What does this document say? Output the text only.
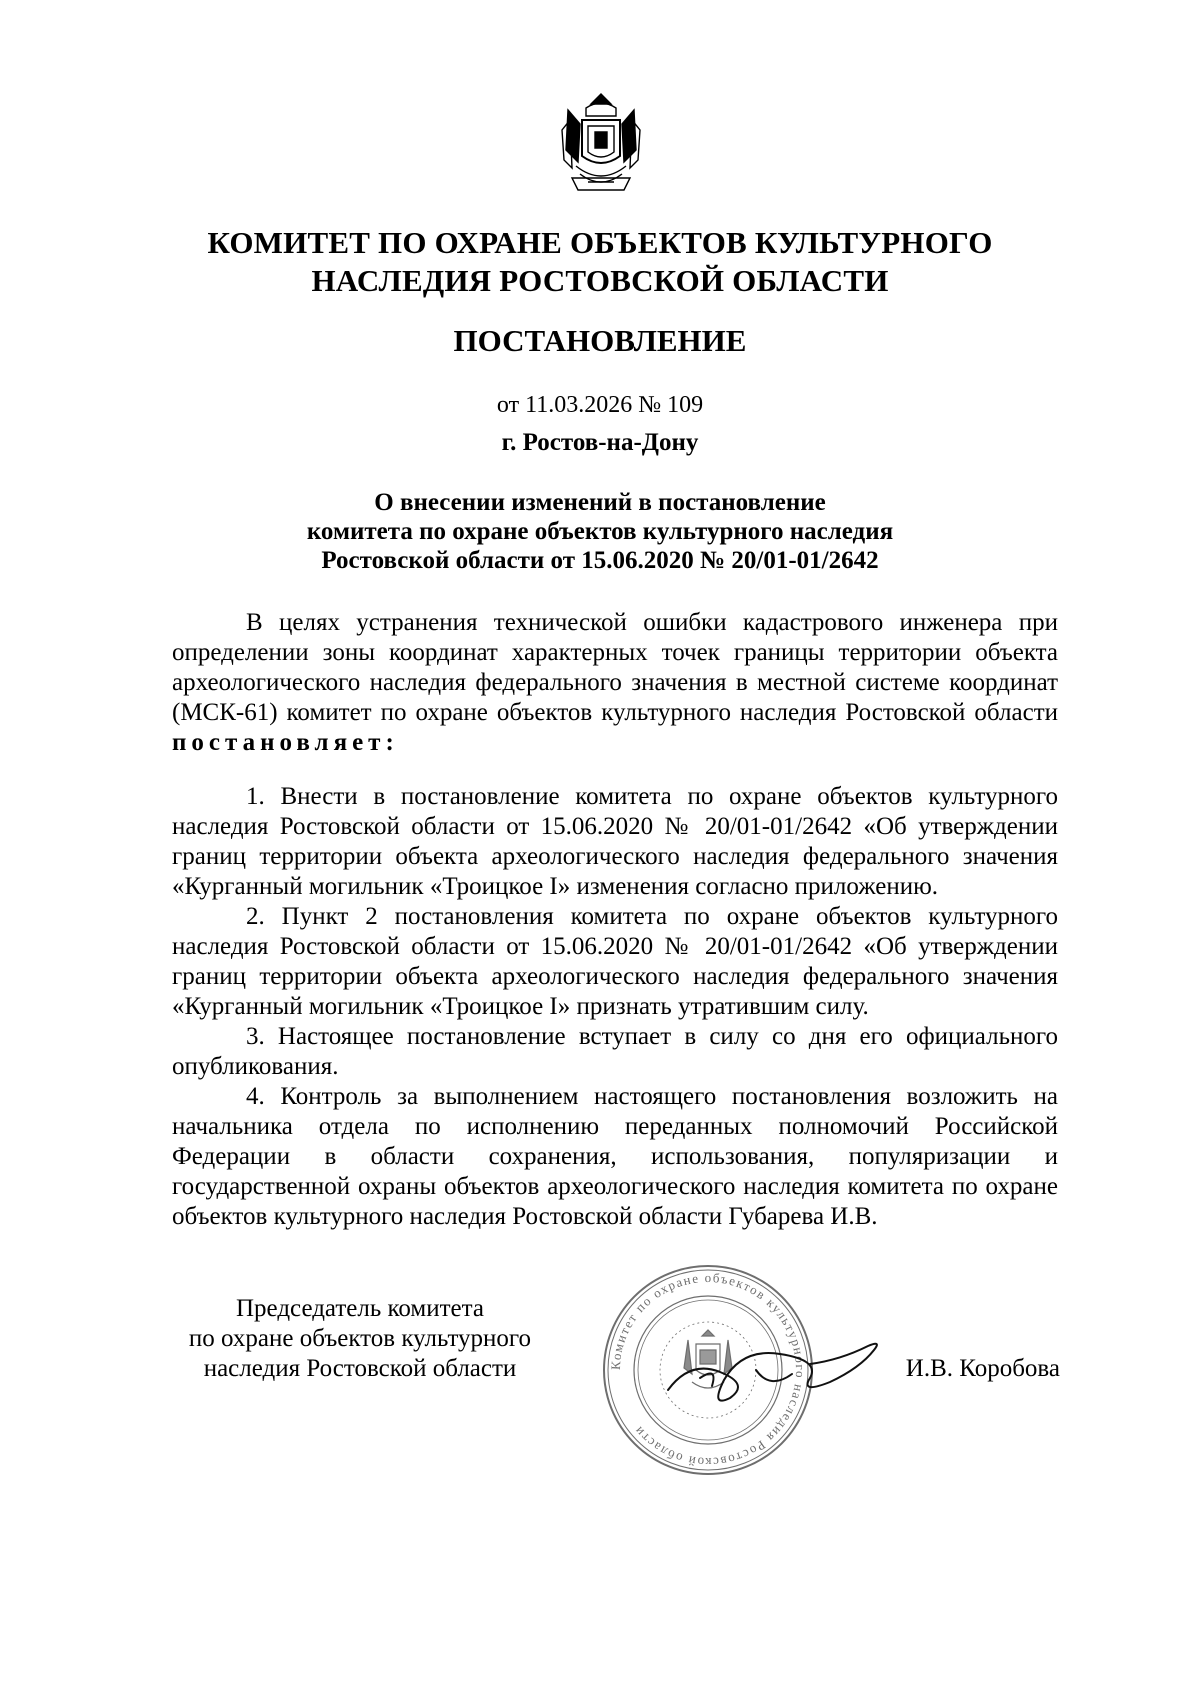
КОМИТЕТ ПО ОХРАНЕ ОБЪЕКТОВ КУЛЬТУРНОГО
НАСЛЕДИЯ РОСТОВСКОЙ ОБЛАСТИ
ПОСТАНОВЛЕНИЕ
от 11.03.2026 № 109
г. Ростов-на-Дону
О внесении изменений в постановление
комитета по охране объектов культурного наследия
Ростовской области от 15.06.2020 № 20/01-01/2642

В целях устранения технической ошибки кадастрового инженера при определении зоны координат характерных точек границы территории объекта археологического наследия федерального значения в местной системе координат (МСК-61) комитет по охране объектов культурного наследия Ростовской области постановляет:

1. Внести в постановление комитета по охране объектов культурного наследия Ростовской области от 15.06.2020 № 20/01-01/2642 «Об утверждении границ территории объекта археологического наследия федерального значения «Курганный могильник «Троицкое I» изменения согласно приложению.

2. Пункт 2 постановления комитета по охране объектов культурного наследия Ростовской области от 15.06.2020 № 20/01-01/2642 «Об утверждении границ территории объекта археологического наследия федерального значения «Курганный могильник «Троицкое I» признать утратившим силу.

3. Настоящее постановление вступает в силу со дня его официального опубликования.

4. Контроль за выполнением настоящего постановления возложить на начальника отдела по исполнению переданных полномочий Российской Федерации в области сохранения, использования, популяризации и государственной охраны объектов археологического наследия комитета по охране объектов культурного наследия Ростовской области Губарева И.В.

Председатель комитета
по охране объектов культурного
наследия Ростовской области	Комитет по охране объектов культурного наследия Ростовской области
И.В. Коробова
